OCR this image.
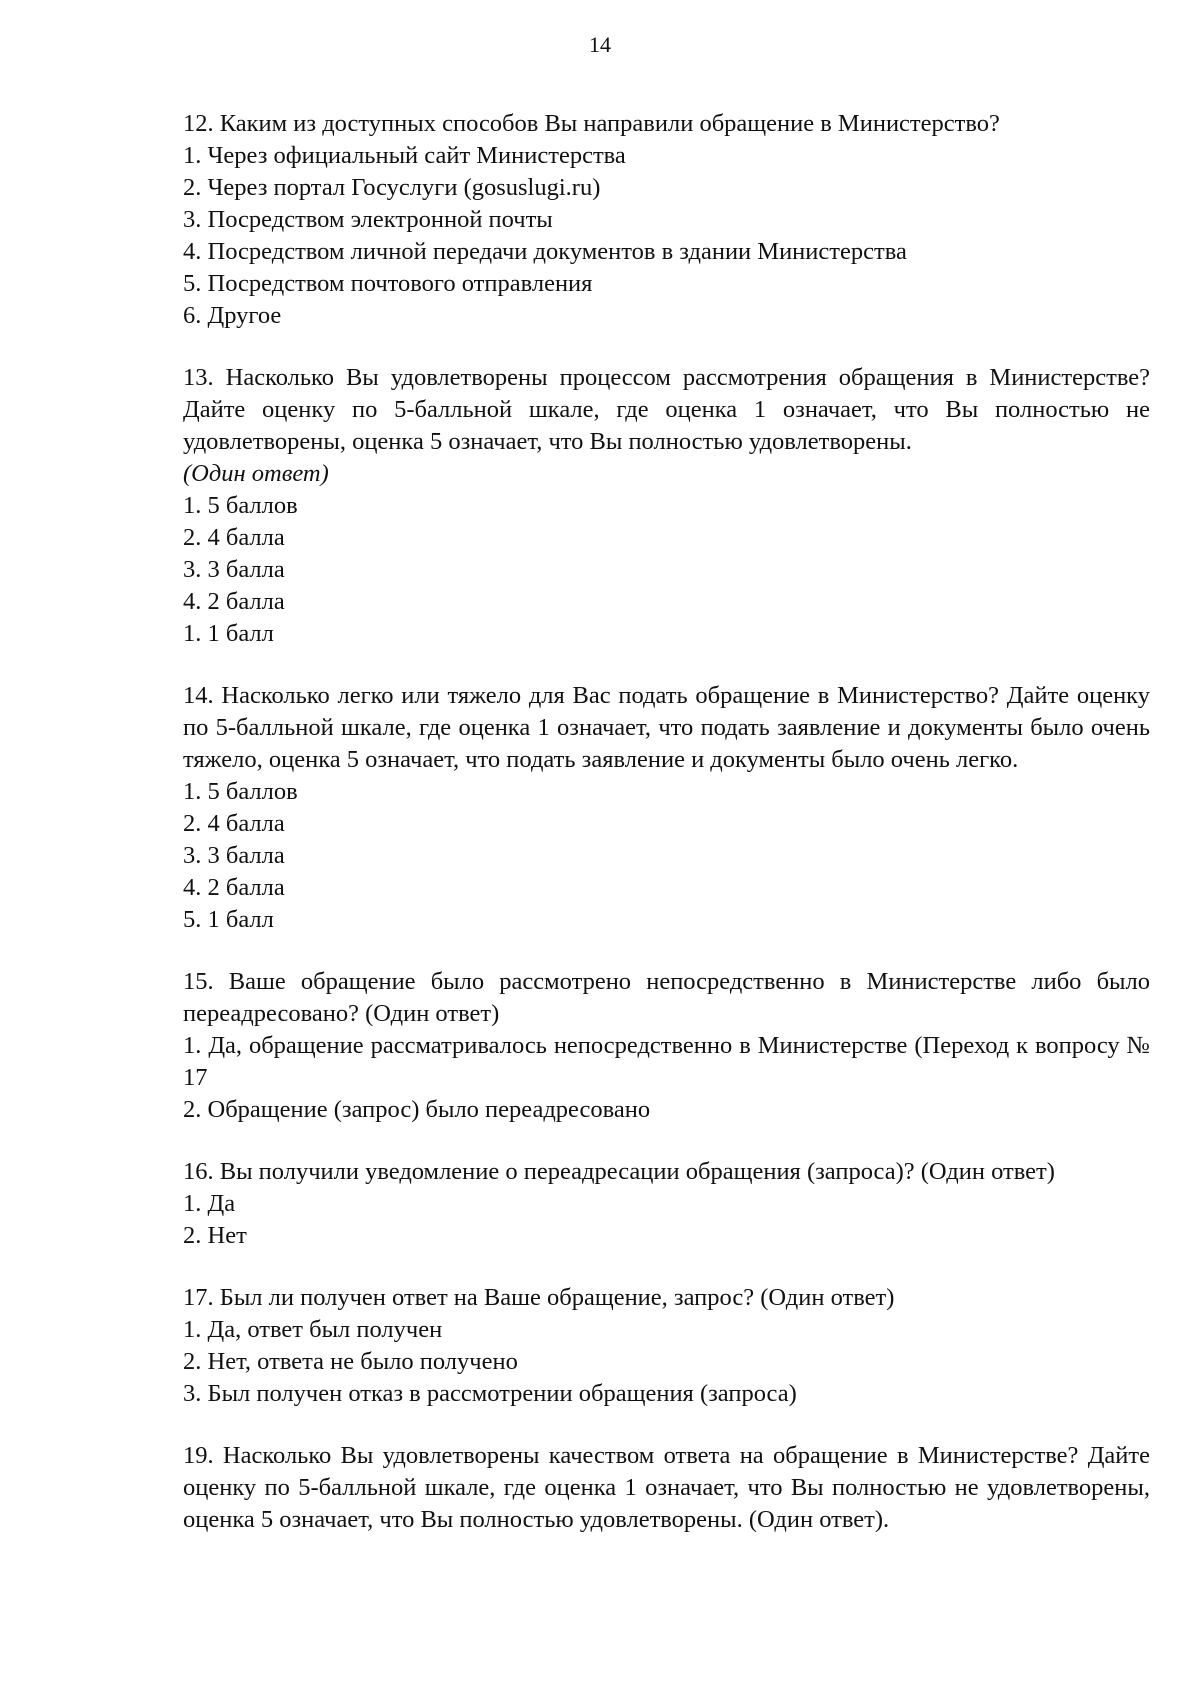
14

12. Каким из доступных способов Вы направили обращение в Министерство?

1. Через официальный сайт Министерства
2. Через портал Госуслуги (gosuslugi.ru)
3. Посредством электронной почты
4. Посредством личной передачи документов в здании Министерства
5. Посредством почтового отправления
6. Другое

13. Насколько Вы удовлетворены процессом рассмотрения обращения в Министерстве? Дайте оценку по 5-балльной шкале, где оценка 1 означает, что Вы полностью не удовлетворены, оценка 5 означает, что Вы полностью удовлетворены.

(Один ответ)

1. 5 баллов
2. 4 балла
3. 3 балла
4. 2 балла
1. 1 балл

14. Насколько легко или тяжело для Вас подать обращение в Министерство? Дайте оценку по 5-балльной шкале, где оценка 1 означает, что подать заявление и документы было очень тяжело, оценка 5 означает, что подать заявление и документы было очень легко.

1. 5 баллов
2. 4 балла
3. 3 балла
4. 2 балла
5. 1 балл

15. Ваше обращение было рассмотрено непосредственно в Министерстве либо было переадресовано? (Один ответ)

1. Да, обращение рассматривалось непосредственно в Министерстве (Переход к вопросу № 17
2. Обращение (запрос) было переадресовано

16. Вы получили уведомление о переадресации обращения (запроса)? (Один ответ)

1. Да
2. Нет

17. Был ли получен ответ на Ваше обращение, запрос? (Один ответ)

1. Да, ответ был получен
2. Нет, ответа не было получено
3. Был получен отказ в рассмотрении обращения (запроса)

19. Насколько Вы удовлетворены качеством ответа на обращение в Министерстве? Дайте оценку по 5-балльной шкале, где оценка 1 означает, что Вы полностью не удовлетворены, оценка 5 означает, что Вы полностью удовлетворены. (Один ответ).
